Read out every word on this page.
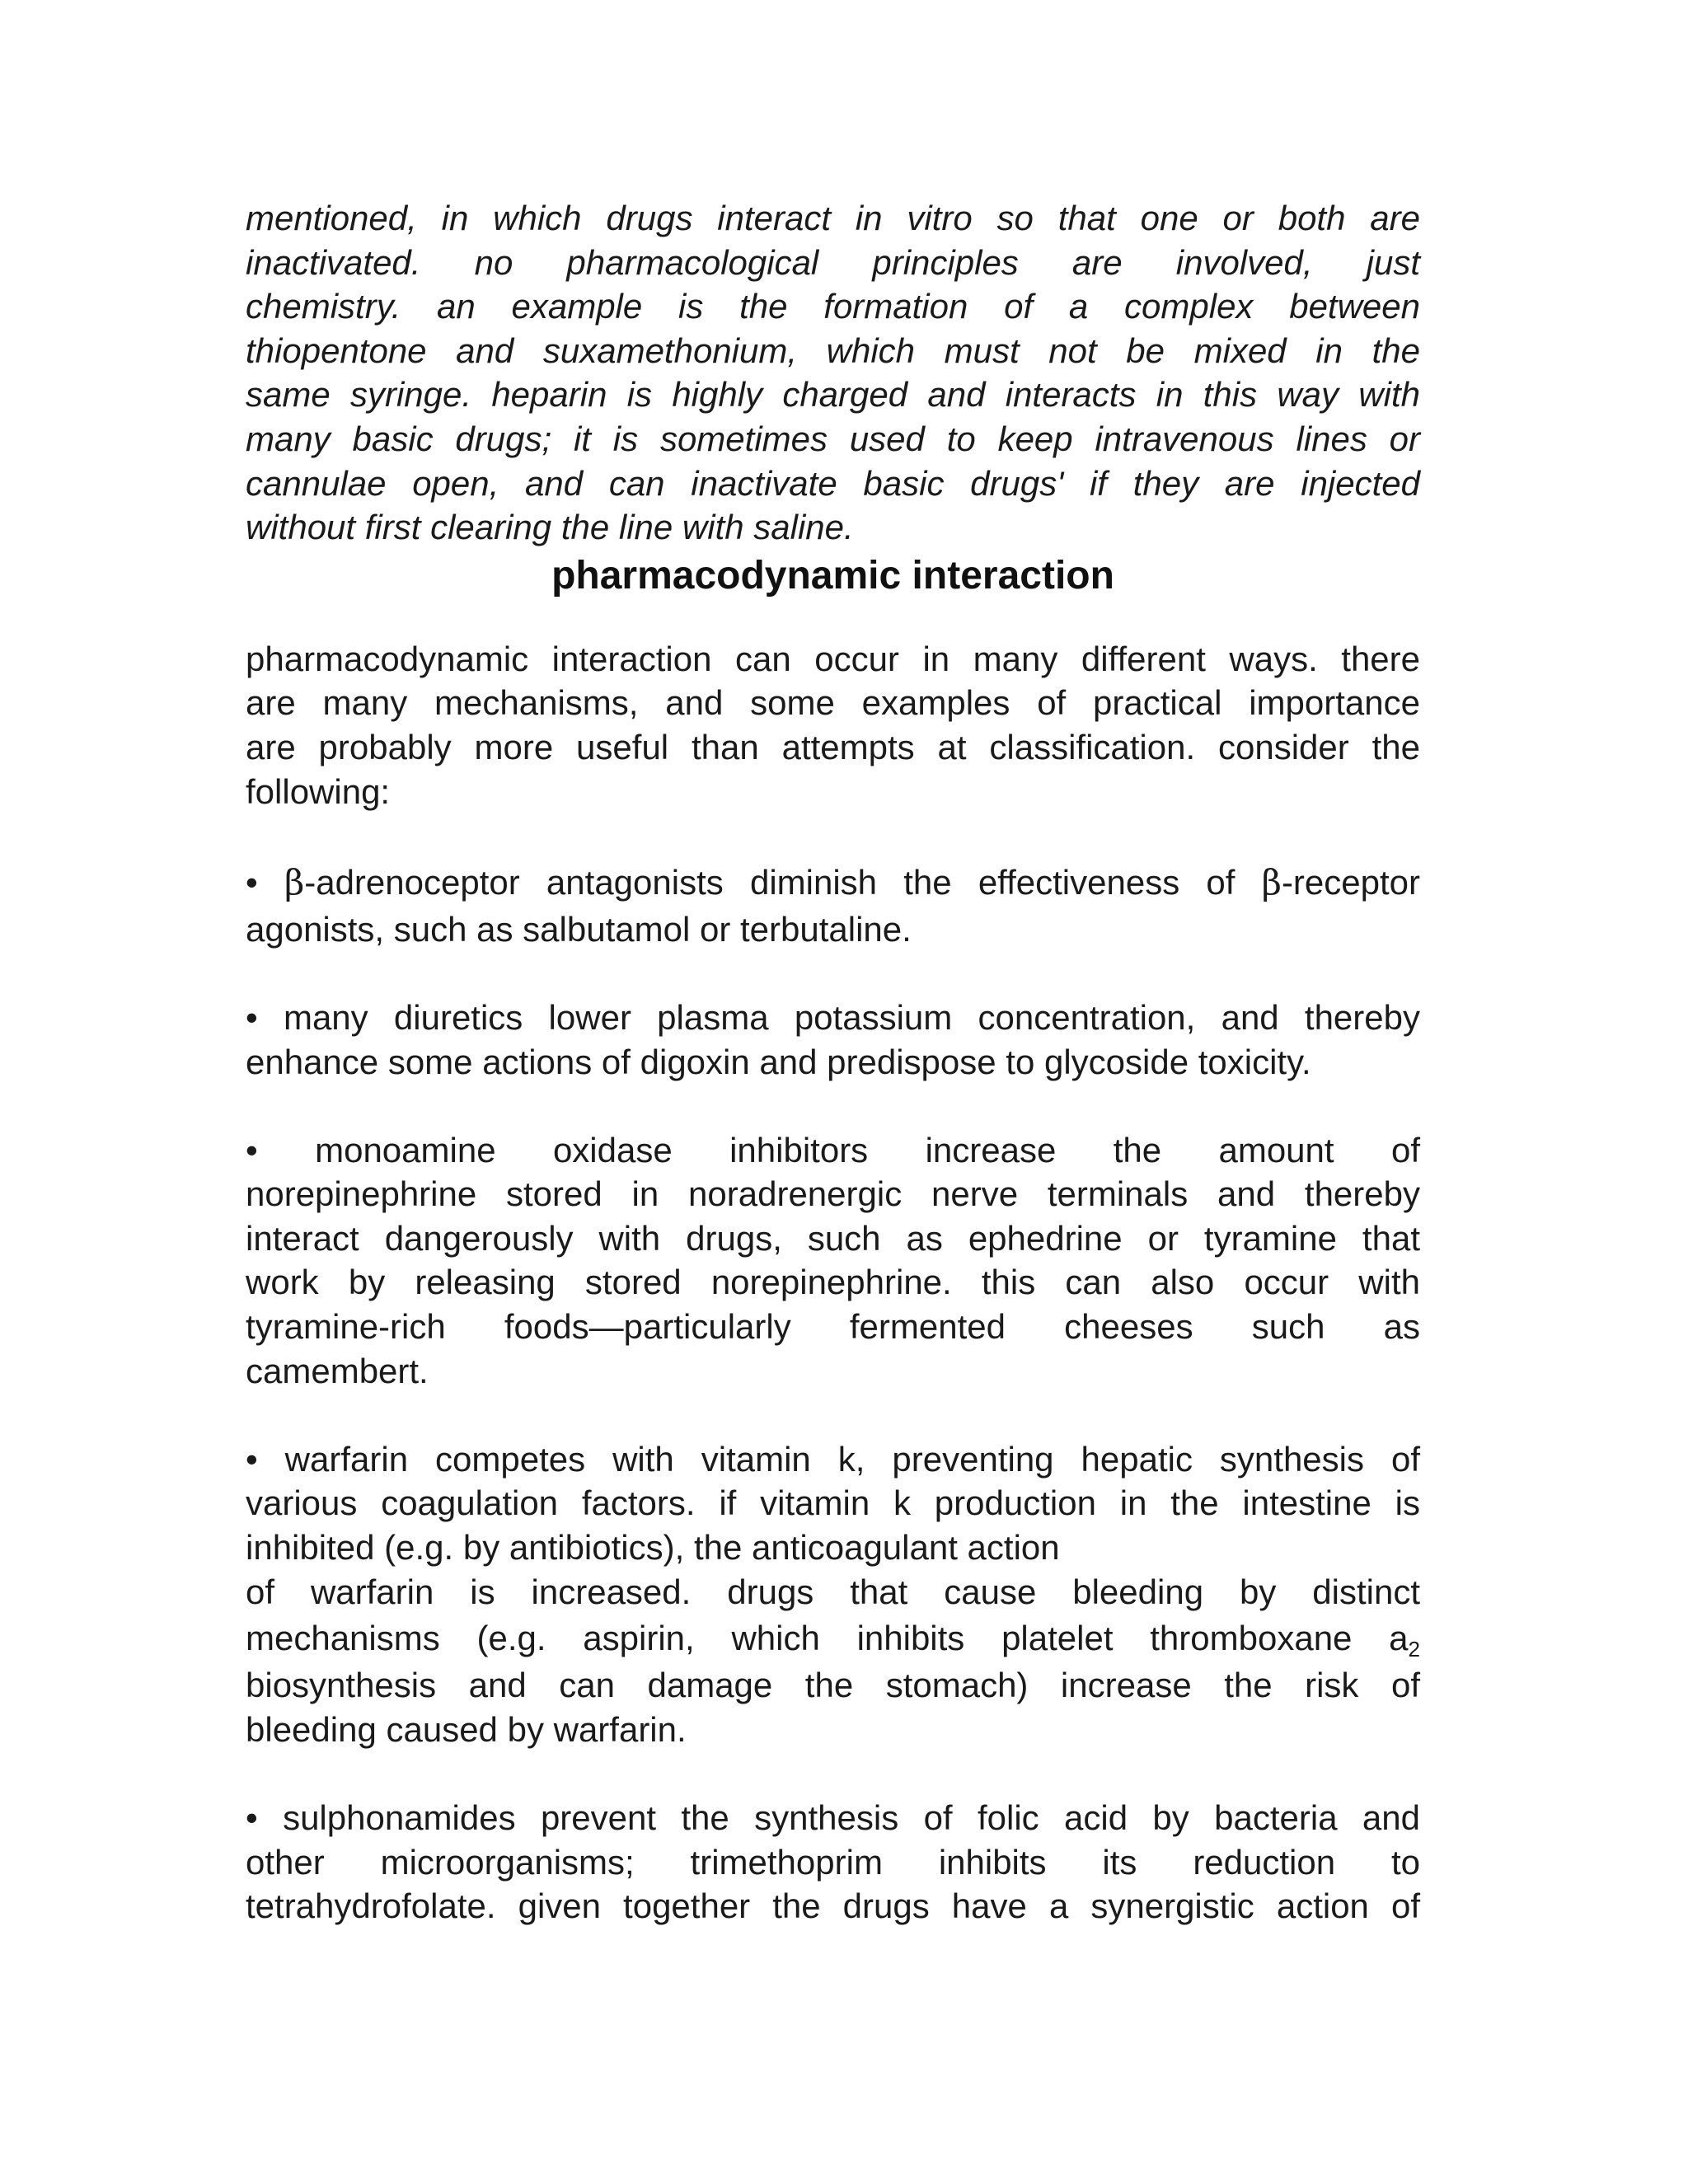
mentioned, in which drugs interact in vitro so that one or both are
inactivated. no pharmacological principles are involved, just
chemistry. an example is the formation of a complex between
thiopentone and suxamethonium, which must not be mixed in the
same syringe. heparin is highly charged and interacts in this way with
many basic drugs; it is sometimes used to keep intravenous lines or
cannulae open, and can inactivate basic drugs' if they are injected
without first clearing the line with saline.
pharmacodynamic interaction
pharmacodynamic interaction can occur in many different ways. there
are many mechanisms, and some examples of practical importance
are probably more useful than attempts at classification. consider the
following:
• β-adrenoceptor antagonists diminish the effectiveness of β-receptor
agonists, such as salbutamol or terbutaline.
• many diuretics lower plasma potassium concentration, and thereby
enhance some actions of digoxin and predispose to glycoside toxicity.
• monoamine oxidase inhibitors increase the amount of
norepinephrine stored in noradrenergic nerve terminals and thereby
interact dangerously with drugs, such as ephedrine or tyramine that
work by releasing stored norepinephrine. this can also occur with
tyramine-rich foods—particularly fermented cheeses such as
camembert.
• warfarin competes with vitamin k, preventing hepatic synthesis of
various coagulation factors. if vitamin k production in the intestine is
inhibited (e.g. by antibiotics), the anticoagulant action
of warfarin is increased. drugs that cause bleeding by distinct
mechanisms (e.g. aspirin, which inhibits platelet thromboxane $a_2$
biosynthesis and can damage the stomach) increase the risk of
bleeding caused by warfarin.
• sulphonamides prevent the synthesis of folic acid by bacteria and
other microorganisms; trimethoprim inhibits its reduction to
tetrahydrofolate. given together the drugs have a synergistic action of
